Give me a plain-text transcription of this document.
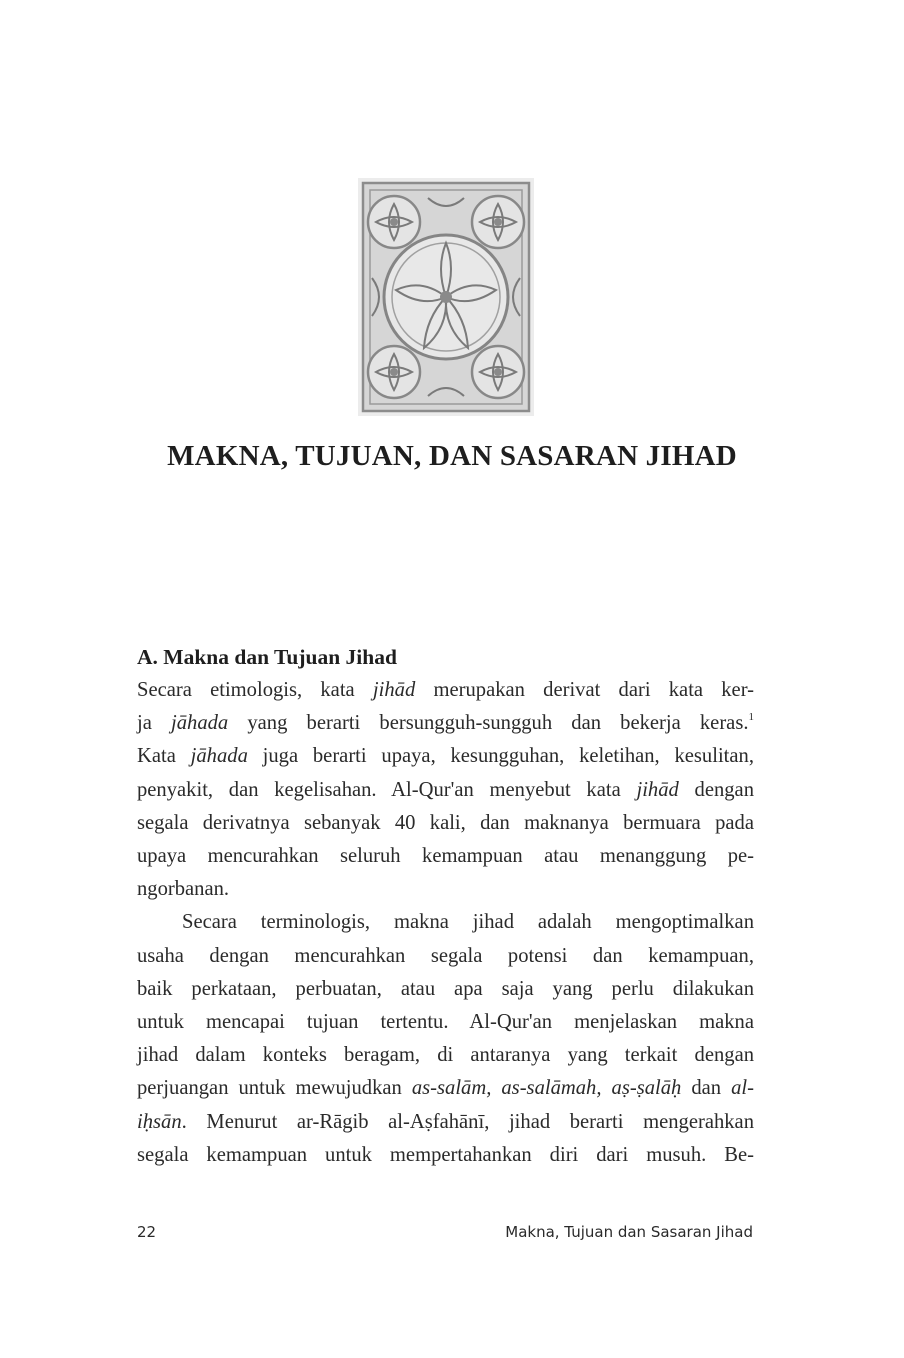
MAKNA, TUJUAN, DAN SASARAN JIHAD
A. Makna dan Tujuan Jihad

Secara etimologis, kata jihād merupakan derivat dari kata ker-
ja jāhada yang berarti bersungguh-sungguh dan bekerja keras.$^1$
Kata jāhada juga berarti upaya, kesungguhan, keletihan, kesulitan,
penyakit, dan kegelisahan. Al-Qur'an menyebut kata jihād dengan
segala derivatnya sebanyak 40 kali, dan maknanya bermuara pada
upaya mencurahkan seluruh kemampuan atau menanggung pe-
ngorbanan.

Secara terminologis, makna jihad adalah mengoptimalkan
usaha dengan mencurahkan segala potensi dan kemampuan,
baik perkataan, perbuatan, atau apa saja yang perlu dilakukan
untuk mencapai tujuan tertentu. Al-Qur'an menjelaskan makna
jihad dalam konteks beragam, di antaranya yang terkait dengan
perjuangan untuk mewujudkan as-salām, as-salāmah, aṣ-ṣalāḥ dan al-
iḥsān. Menurut ar-Rāgib al-Aṣfahānī, jihad berarti mengerahkan
segala kemampuan untuk mempertahankan diri dari musuh. Be-

22	Makna, Tujuan dan Sasaran Jihad
